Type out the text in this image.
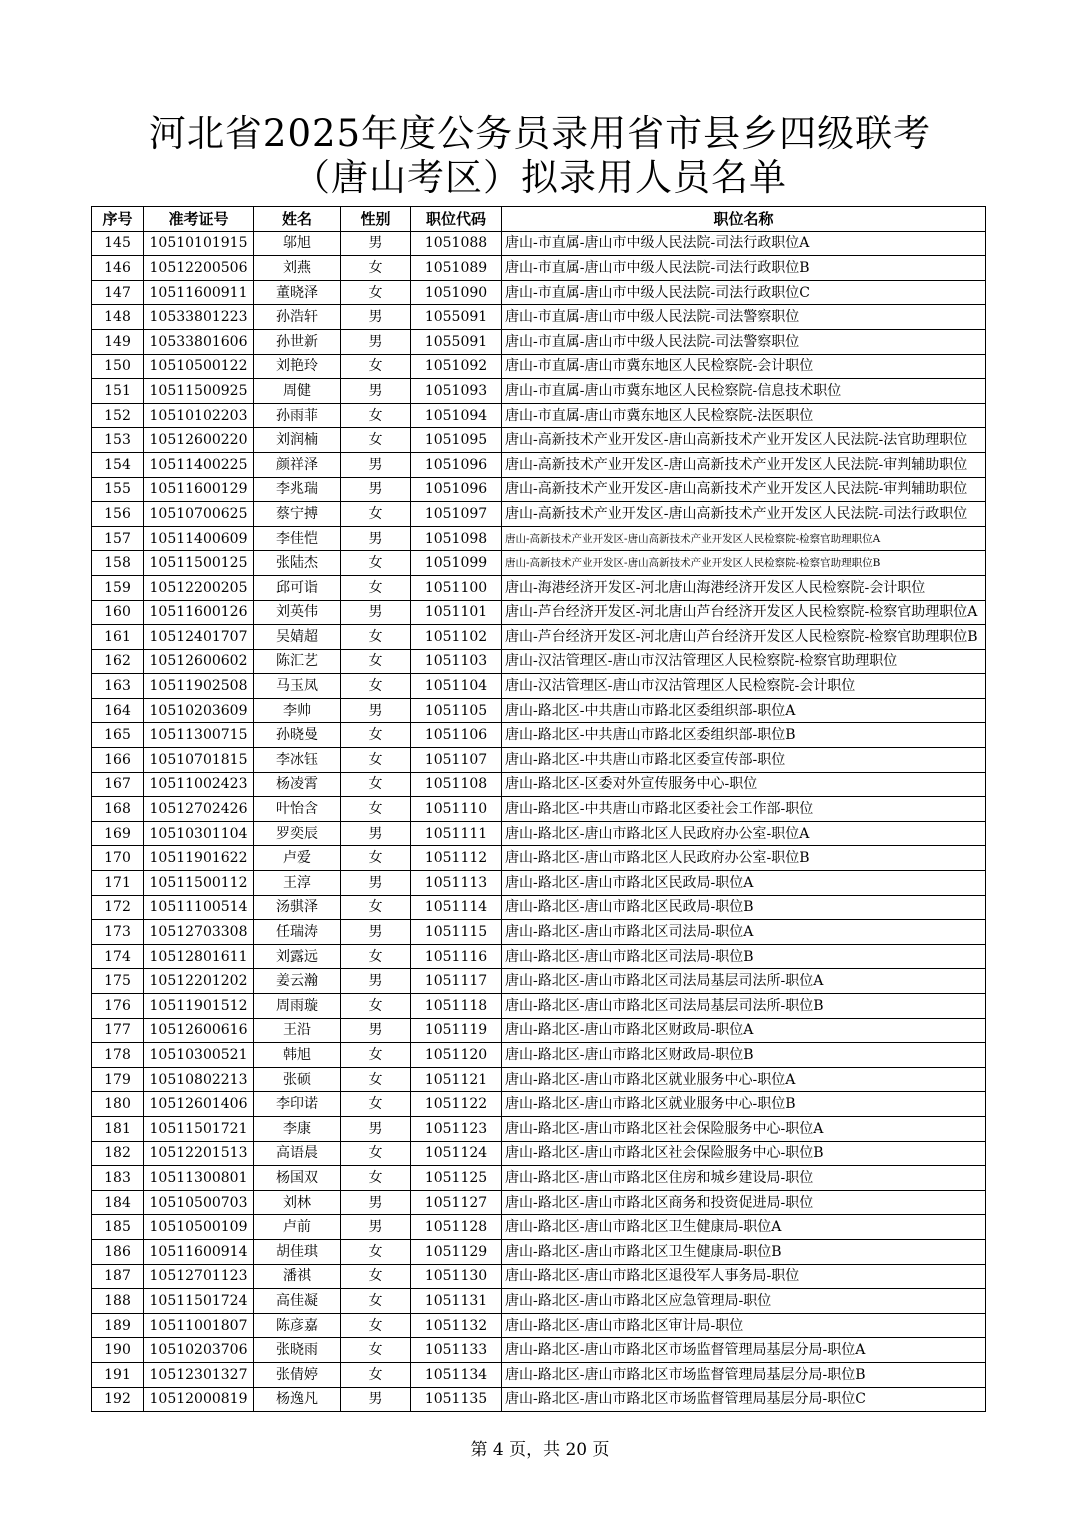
河北省2025年度公务员录用省市县乡四级联考
（唐山考区）拟录用人员名单
序号	准考证号	姓名	性别	职位代码	职位名称
145	10510101915	邬旭	男	1051088	唐山-市直属-唐山市中级人民法院-司法行政职位A
146	10512200506	刘燕	女	1051089	唐山-市直属-唐山市中级人民法院-司法行政职位B
147	10511600911	董晓泽	女	1051090	唐山-市直属-唐山市中级人民法院-司法行政职位C
148	10533801223	孙浩轩	男	1055091	唐山-市直属-唐山市中级人民法院-司法警察职位
149	10533801606	孙世新	男	1055091	唐山-市直属-唐山市中级人民法院-司法警察职位
150	10510500122	刘艳玲	女	1051092	唐山-市直属-唐山市冀东地区人民检察院-会计职位
151	10511500925	周健	男	1051093	唐山-市直属-唐山市冀东地区人民检察院-信息技术职位
152	10510102203	孙雨菲	女	1051094	唐山-市直属-唐山市冀东地区人民检察院-法医职位
153	10512600220	刘润楠	女	1051095	唐山-高新技术产业开发区-唐山高新技术产业开发区人民法院-法官助理职位
154	10511400225	颜祥泽	男	1051096	唐山-高新技术产业开发区-唐山高新技术产业开发区人民法院-审判辅助职位
155	10511600129	李兆瑞	男	1051096	唐山-高新技术产业开发区-唐山高新技术产业开发区人民法院-审判辅助职位
156	10510700625	蔡宁搏	女	1051097	唐山-高新技术产业开发区-唐山高新技术产业开发区人民法院-司法行政职位
157	10511400609	李佳恺	男	1051098	唐山-高新技术产业开发区-唐山高新技术产业开发区人民检察院-检察官助理职位A
158	10511500125	张陆杰	女	1051099	唐山-高新技术产业开发区-唐山高新技术产业开发区人民检察院-检察官助理职位B
159	10512200205	邱可诣	女	1051100	唐山-海港经济开发区-河北唐山海港经济开发区人民检察院-会计职位
160	10511600126	刘英伟	男	1051101	唐山-芦台经济开发区-河北唐山芦台经济开发区人民检察院-检察官助理职位A
161	10512401707	吴婧超	女	1051102	唐山-芦台经济开发区-河北唐山芦台经济开发区人民检察院-检察官助理职位B
162	10512600602	陈汇艺	女	1051103	唐山-汉沽管理区-唐山市汉沽管理区人民检察院-检察官助理职位
163	10511902508	马玉凤	女	1051104	唐山-汉沽管理区-唐山市汉沽管理区人民检察院-会计职位
164	10510203609	李帅	男	1051105	唐山-路北区-中共唐山市路北区委组织部-职位A
165	10511300715	孙晓曼	女	1051106	唐山-路北区-中共唐山市路北区委组织部-职位B
166	10510701815	李冰钰	女	1051107	唐山-路北区-中共唐山市路北区委宣传部-职位
167	10511002423	杨凌霄	女	1051108	唐山-路北区-区委对外宣传服务中心-职位
168	10512702426	叶怡含	女	1051110	唐山-路北区-中共唐山市路北区委社会工作部-职位
169	10510301104	罗奕辰	男	1051111	唐山-路北区-唐山市路北区人民政府办公室-职位A
170	10511901622	卢爱	女	1051112	唐山-路北区-唐山市路北区人民政府办公室-职位B
171	10511500112	王淳	男	1051113	唐山-路北区-唐山市路北区民政局-职位A
172	10511100514	汤骐泽	女	1051114	唐山-路北区-唐山市路北区民政局-职位B
173	10512703308	任瑞涛	男	1051115	唐山-路北区-唐山市路北区司法局-职位A
174	10512801611	刘露远	女	1051116	唐山-路北区-唐山市路北区司法局-职位B
175	10512201202	姜云瀚	男	1051117	唐山-路北区-唐山市路北区司法局基层司法所-职位A
176	10511901512	周雨璇	女	1051118	唐山-路北区-唐山市路北区司法局基层司法所-职位B
177	10512600616	王沿	男	1051119	唐山-路北区-唐山市路北区财政局-职位A
178	10510300521	韩旭	女	1051120	唐山-路北区-唐山市路北区财政局-职位B
179	10510802213	张硕	女	1051121	唐山-路北区-唐山市路北区就业服务中心-职位A
180	10512601406	李印诺	女	1051122	唐山-路北区-唐山市路北区就业服务中心-职位B
181	10511501721	李康	男	1051123	唐山-路北区-唐山市路北区社会保险服务中心-职位A
182	10512201513	高语晨	女	1051124	唐山-路北区-唐山市路北区社会保险服务中心-职位B
183	10511300801	杨国双	女	1051125	唐山-路北区-唐山市路北区住房和城乡建设局-职位
184	10510500703	刘林	男	1051127	唐山-路北区-唐山市路北区商务和投资促进局-职位
185	10510500109	卢前	男	1051128	唐山-路北区-唐山市路北区卫生健康局-职位A
186	10511600914	胡佳琪	女	1051129	唐山-路北区-唐山市路北区卫生健康局-职位B
187	10512701123	潘祺	女	1051130	唐山-路北区-唐山市路北区退役军人事务局-职位
188	10511501724	高佳凝	女	1051131	唐山-路北区-唐山市路北区应急管理局-职位
189	10511001807	陈彦嘉	女	1051132	唐山-路北区-唐山市路北区审计局-职位
190	10510203706	张晓雨	女	1051133	唐山-路北区-唐山市路北区市场监督管理局基层分局-职位A
191	10512301327	张倩婷	女	1051134	唐山-路北区-唐山市路北区市场监督管理局基层分局-职位B
192	10512000819	杨逸凡	男	1051135	唐山-路北区-唐山市路北区市场监督管理局基层分局-职位C
第 4 页，共 20 页
